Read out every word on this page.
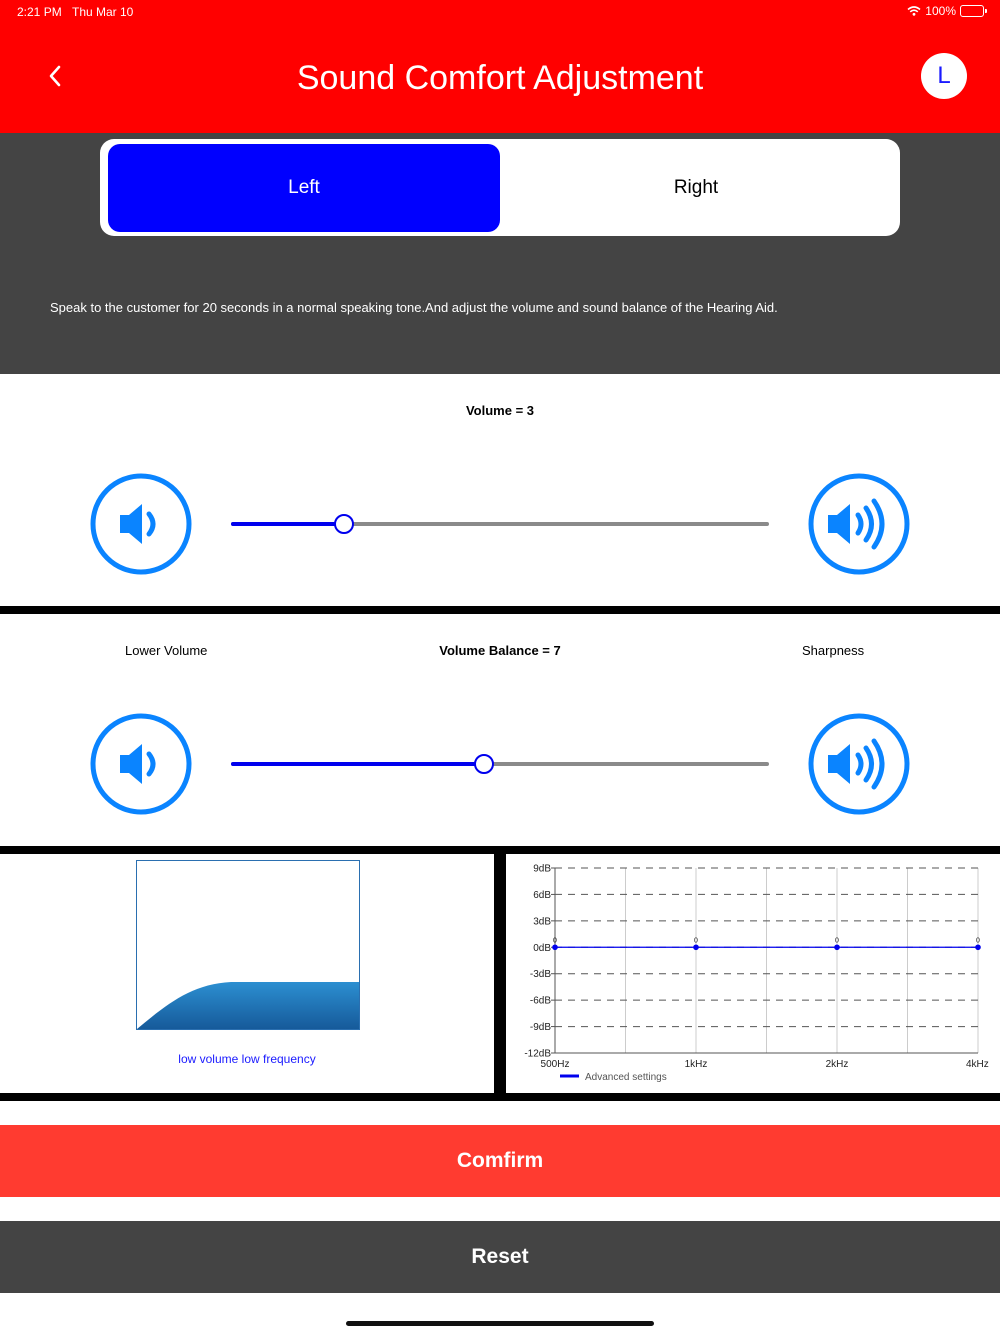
2:21 PM Thu Mar 10	100%
Sound Comfort Adjustment	L
Left	Right
Speak to the customer for 20 seconds in a normal speaking tone.And adjust the volume and sound balance of the Hearing Aid.
Volume = 3
Lower Volume	Volume Balance = 7	Sharpness
low volume low frequency
9dB
6dB
3dB
0dB
-3dB
-6dB
-9dB
-12dB
500Hz	1kHz	2kHz	4kHz
0	0	0	0
Advanced settings
Comfirm
Reset
